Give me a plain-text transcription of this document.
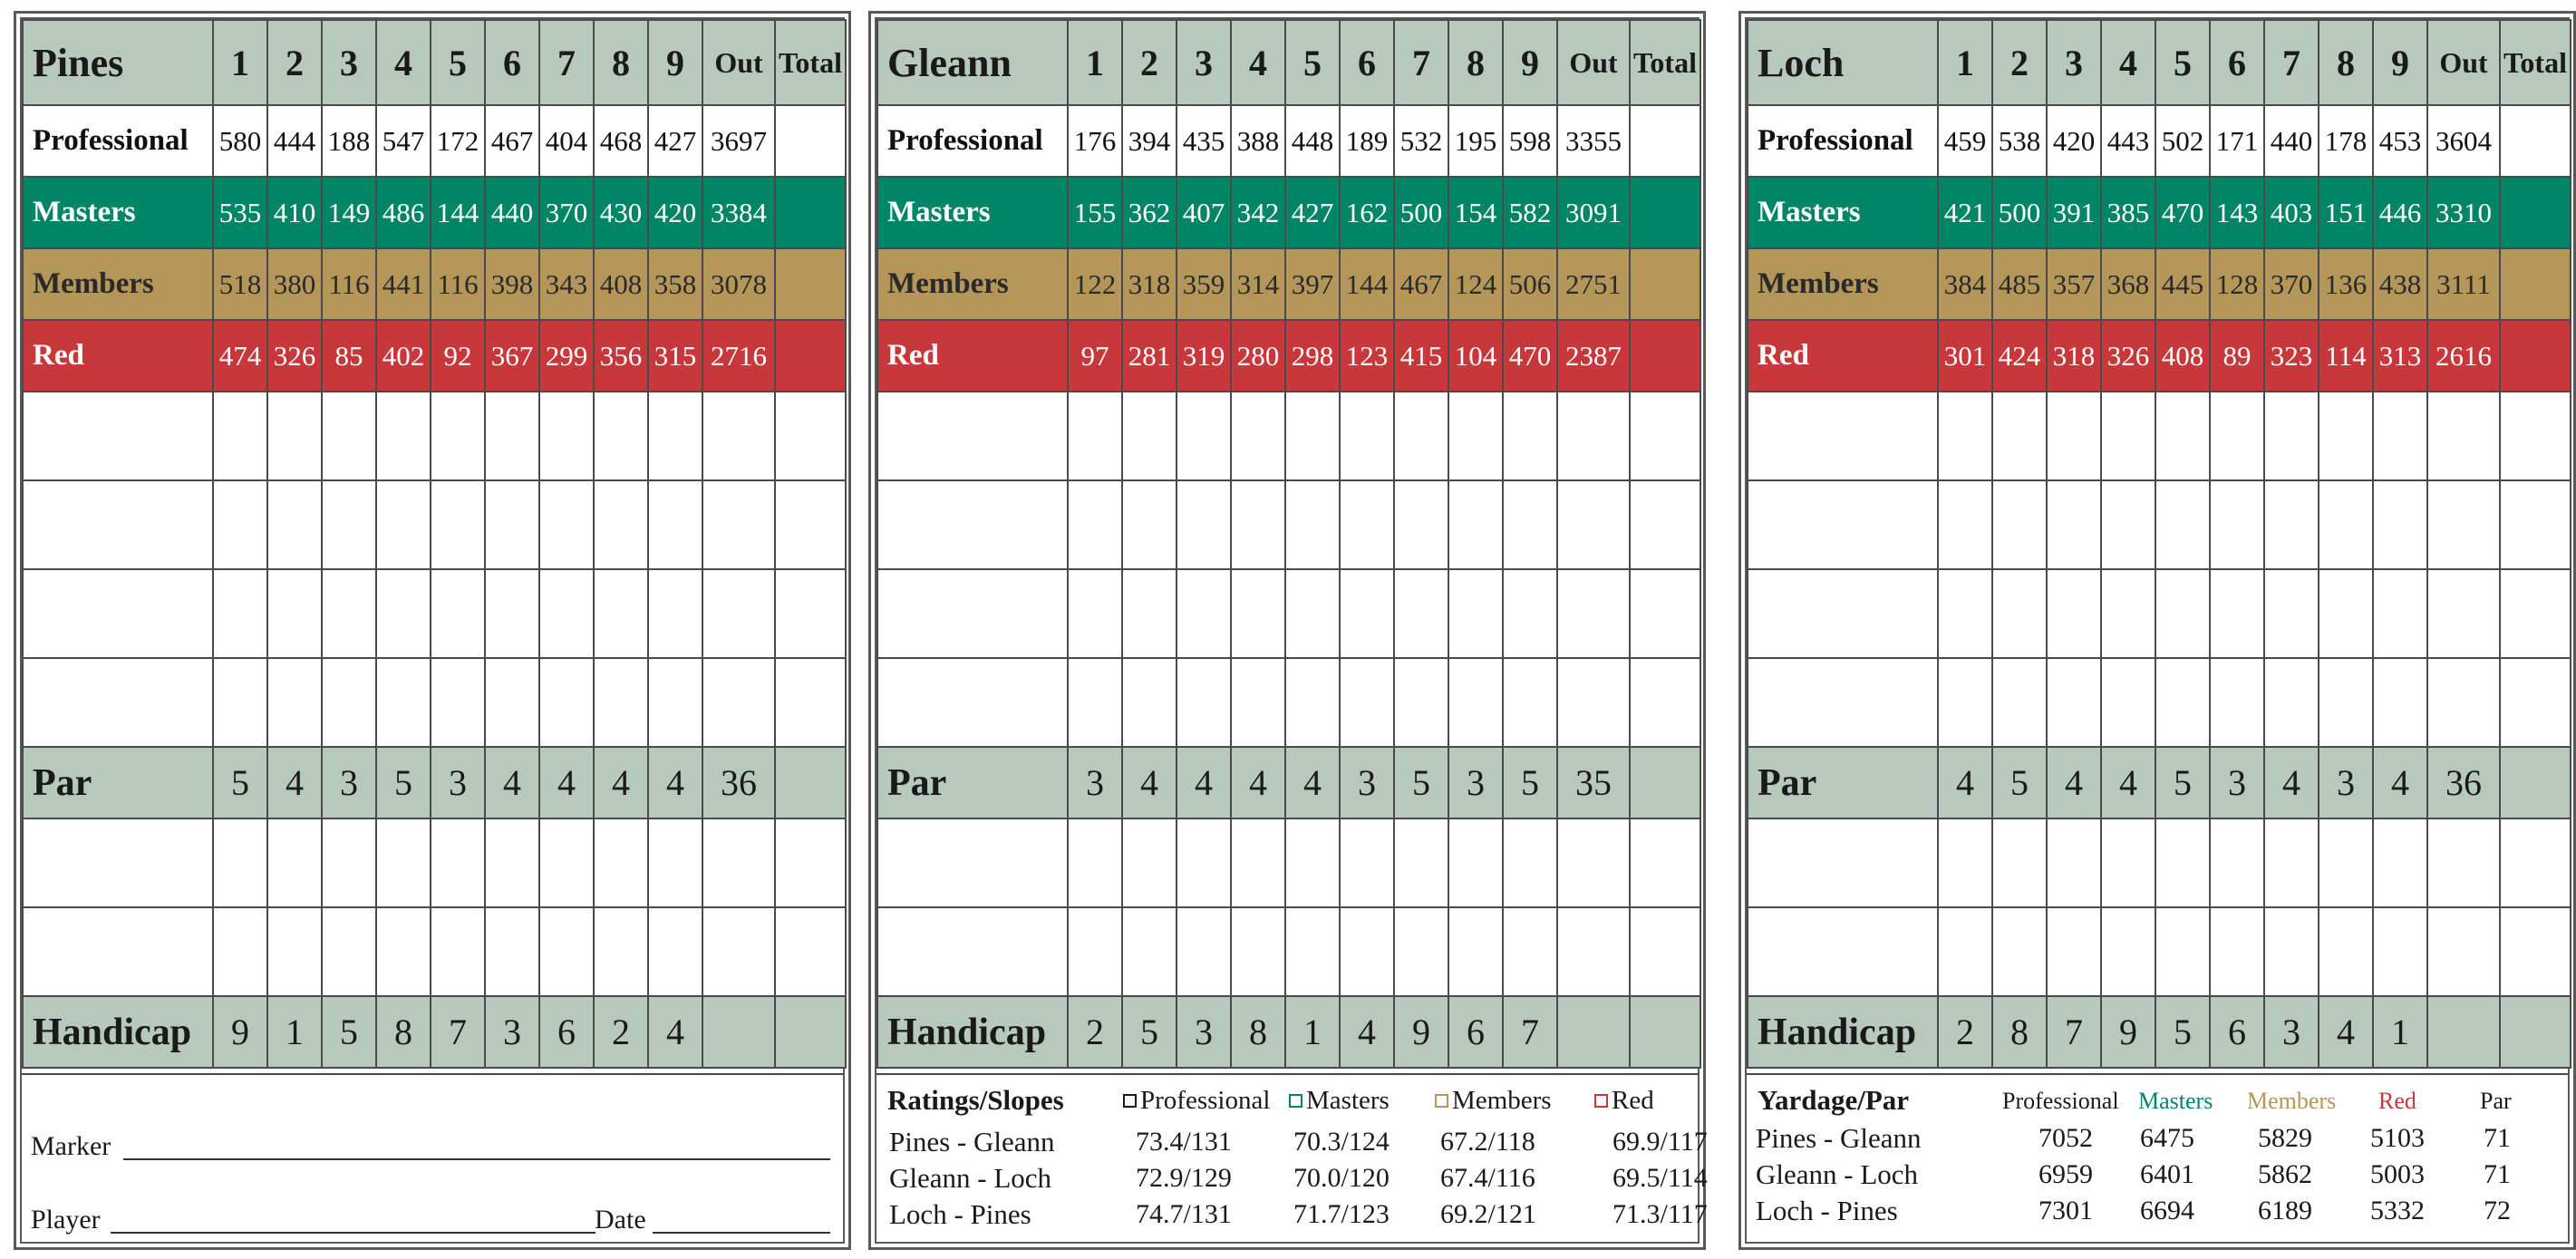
Pines	1	2	3	4	5	6	7	8	9	Out	Total
Professional	580	444	188	547	172	467	404	468	427	3697	
Masters	535	410	149	486	144	440	370	430	420	3384	
Members	518	380	116	441	116	398	343	408	358	3078	
Red	474	326	85	402	92	367	299	356	315	2716	

Par	5	4	3	5	3	4	4	4	4	36	

Handicap	9	1	5	8	7	3	6	2	4		
Marker
Player	Date
Gleann	1	2	3	4	5	6	7	8	9	Out	Total
Professional	176	394	435	388	448	189	532	195	598	3355	
Masters	155	362	407	342	427	162	500	154	582	3091	
Members	122	318	359	314	397	144	467	124	506	2751	
Red	97	281	319	280	298	123	415	104	470	2387	

Par	3	4	4	4	4	3	5	3	5	35	

Handicap	2	5	3	8	1	4	9	6	7		
Ratings/Slopes	Professional	Masters	Members	Red
Pines - Gleann	73.4/131 70.3/124 67.2/118	69.9/117
Gleann - Loch	72.9/129 70.0/120 67.4/116	69.5/114
Loch - Pines	74.7/131 71.7/123 69.2/121	71.3/117
Loch	1	2	3	4	5	6	7	8	9	Out	Total
Professional	459	538	420	443	502	171	440	178	453	3604	
Masters	421	500	391	385	470	143	403	151	446	3310	
Members	384	485	357	368	445	128	370	136	438	3111	
Red	301	424	318	326	408	89	323	114	313	2616	

Par	4	5	4	4	5	3	4	3	4	36	

Handicap	2	8	7	9	5	6	3	4	1		
Yardage/Par	Professional Masters Members Red	Par
Pines - Gleann	7052 6475 5829 5103 71
Gleann - Loch	6959 6401 5862 5003 71
Loch - Pines	7301 6694 6189 5332 72
